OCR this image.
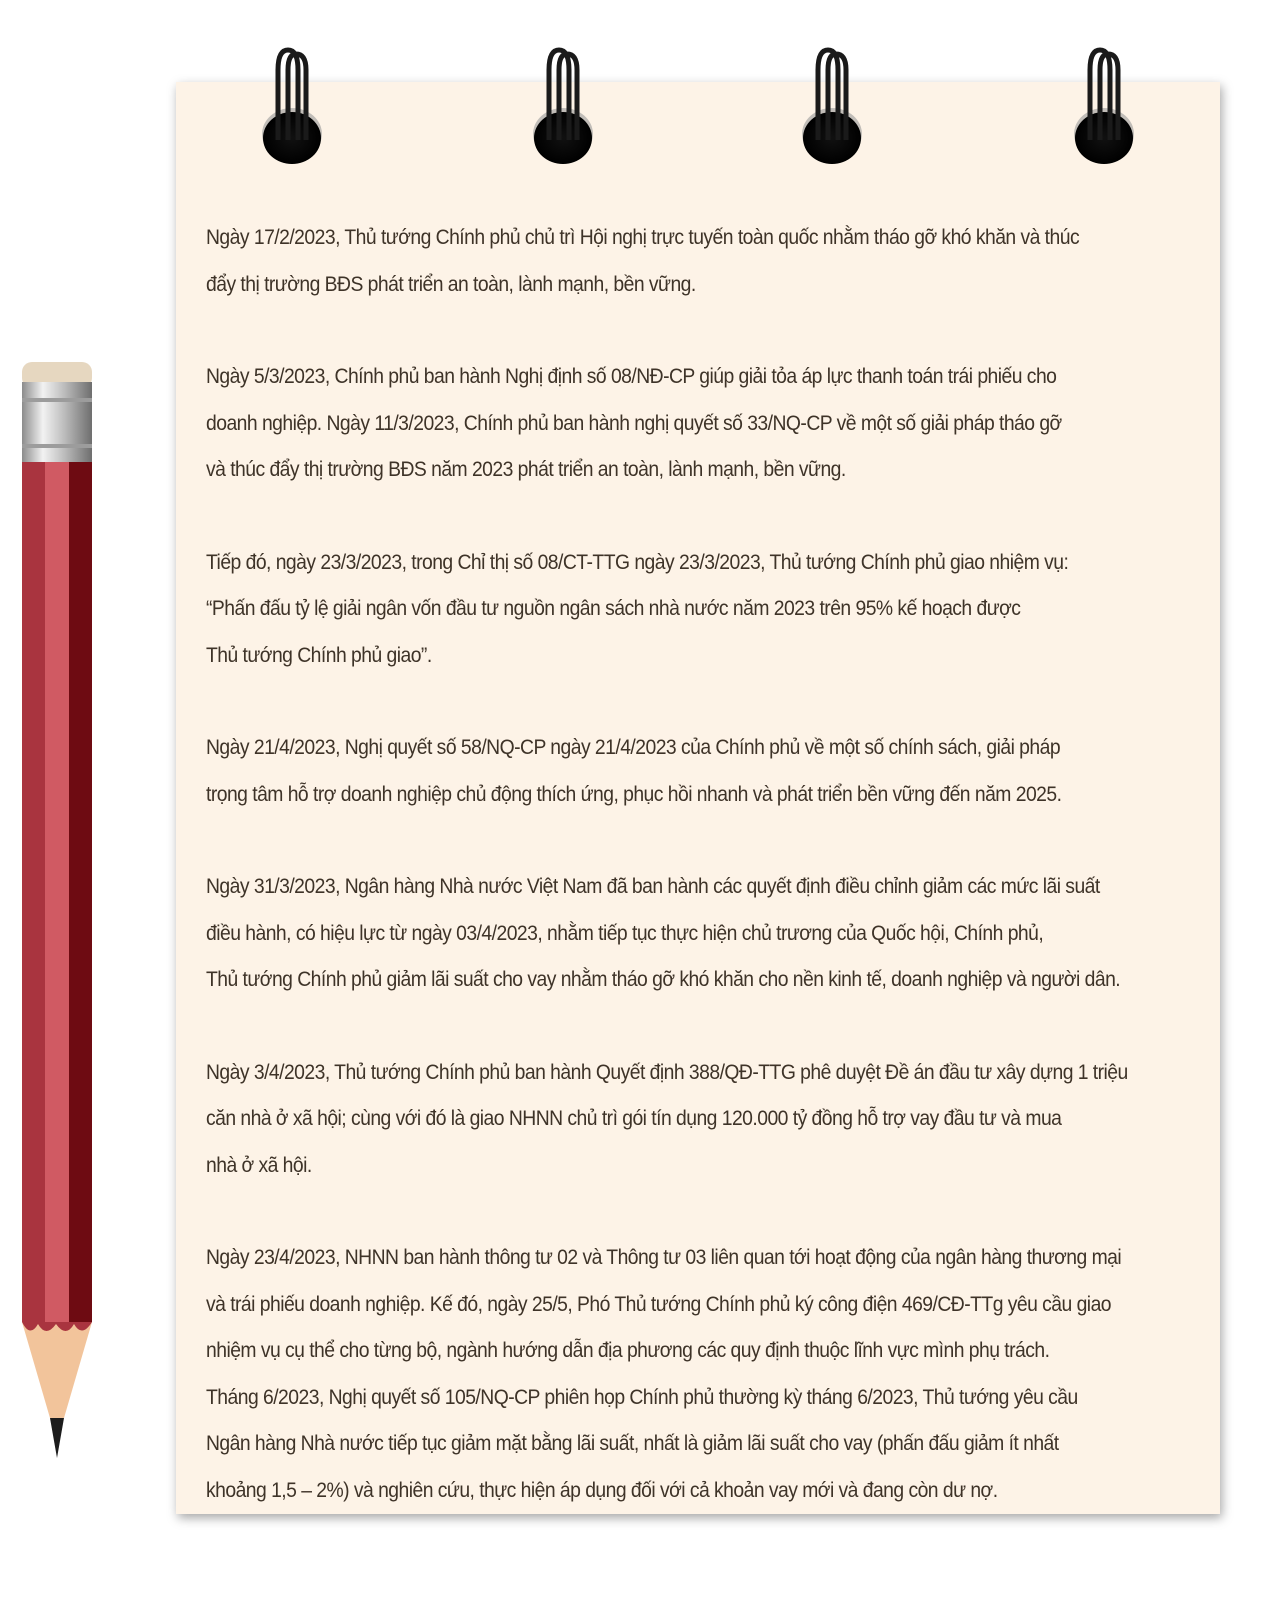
Ngày 17/2/2023, Thủ tướng Chính phủ chủ trì Hội nghị trực tuyến toàn quốc nhằm tháo gỡ khó khăn và thúc
đẩy thị trường BĐS phát triển an toàn, lành mạnh, bền vững.

Ngày 5/3/2023, Chính phủ ban hành Nghị định số 08/NĐ-CP giúp giải tỏa áp lực thanh toán trái phiếu cho
doanh nghiệp. Ngày 11/3/2023, Chính phủ ban hành nghị quyết số 33/NQ-CP về một số giải pháp tháo gỡ
và thúc đẩy thị trường BĐS năm 2023 phát triển an toàn, lành mạnh, bền vững.

Tiếp đó, ngày 23/3/2023, trong Chỉ thị số 08/CT-TTG ngày 23/3/2023, Thủ tướng Chính phủ giao nhiệm vụ:
“Phấn đấu tỷ lệ giải ngân vốn đầu tư nguồn ngân sách nhà nước năm 2023 trên 95% kế hoạch được
Thủ tướng Chính phủ giao”.

Ngày 21/4/2023, Nghị quyết số 58/NQ-CP ngày 21/4/2023 của Chính phủ về một số chính sách, giải pháp
trọng tâm hỗ trợ doanh nghiệp chủ động thích ứng, phục hồi nhanh và phát triển bền vững đến năm 2025.

Ngày 31/3/2023, Ngân hàng Nhà nước Việt Nam đã ban hành các quyết định điều chỉnh giảm các mức lãi suất
điều hành, có hiệu lực từ ngày 03/4/2023, nhằm tiếp tục thực hiện chủ trương của Quốc hội, Chính phủ,
Thủ tướng Chính phủ giảm lãi suất cho vay nhằm tháo gỡ khó khăn cho nền kinh tế, doanh nghiệp và người dân.

Ngày 3/4/2023, Thủ tướng Chính phủ ban hành Quyết định 388/QĐ-TTG phê duyệt Đề án đầu tư xây dựng 1 triệu
căn nhà ở xã hội; cùng với đó là giao NHNN chủ trì gói tín dụng 120.000 tỷ đồng hỗ trợ vay đầu tư và mua
nhà ở xã hội.

Ngày 23/4/2023, NHNN ban hành thông tư 02 và Thông tư 03 liên quan tới hoạt động của ngân hàng thương mại
và trái phiếu doanh nghiệp. Kế đó, ngày 25/5, Phó Thủ tướng Chính phủ ký công điện 469/CĐ-TTg yêu cầu giao
nhiệm vụ cụ thể cho từng bộ, ngành hướng dẫn địa phương các quy định thuộc lĩnh vực mình phụ trách.
Tháng 6/2023, Nghị quyết số 105/NQ-CP phiên họp Chính phủ thường kỳ tháng 6/2023, Thủ tướng yêu cầu
Ngân hàng Nhà nước tiếp tục giảm mặt bằng lãi suất, nhất là giảm lãi suất cho vay (phấn đấu giảm ít nhất
khoảng 1,5 – 2%) và nghiên cứu, thực hiện áp dụng đối với cả khoản vay mới và đang còn dư nợ.
